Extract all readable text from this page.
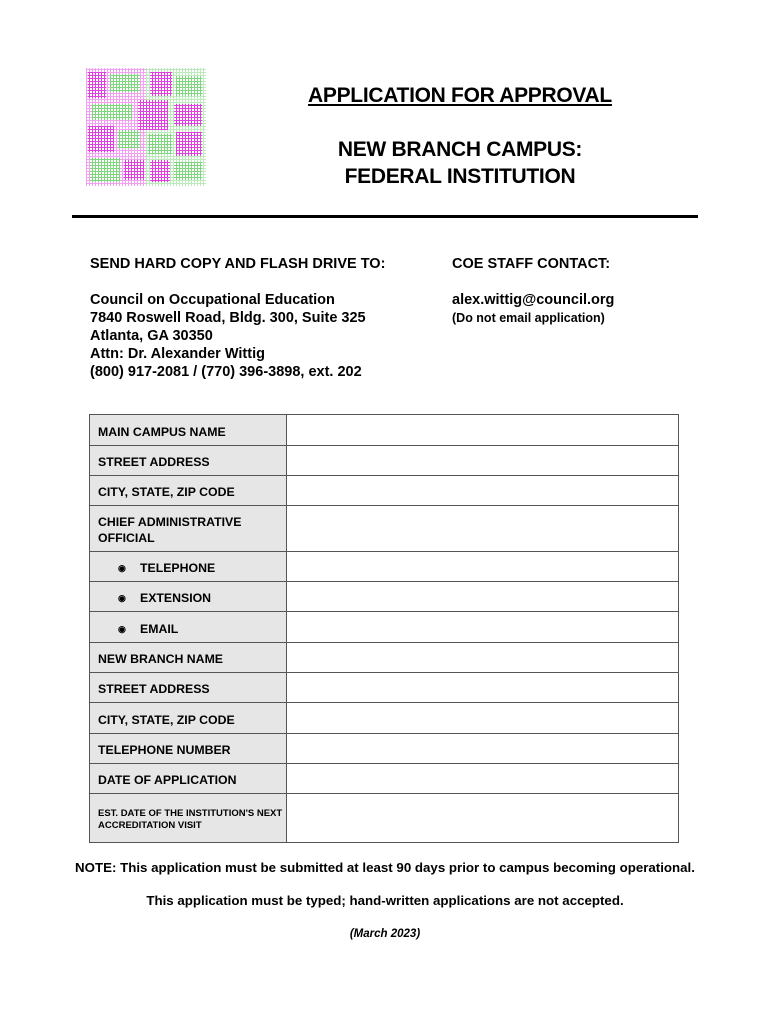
APPLICATION FOR APPROVAL
NEW BRANCH CAMPUS:
FEDERAL INSTITUTION
SEND HARD COPY AND FLASH DRIVE TO:	COE STAFF CONTACT:
Council on Occupational Education
7840 Roswell Road, Bldg. 300, Suite 325
Atlanta, GA 30350
Attn: Dr. Alexander Wittig
(800) 917-2081 / (770) 396-3898, ext. 202
alex.wittig@council.org
(Do not email application)
MAIN CAMPUS NAME	
STREET ADDRESS	
CITY, STATE, ZIP CODE	
CHIEF ADMINISTRATIVE OFFICIAL	
◉ TELEPHONE	
◉ EXTENSION	
◉ EMAIL	
NEW BRANCH NAME	
STREET ADDRESS	
CITY, STATE, ZIP CODE	
TELEPHONE NUMBER	
DATE OF APPLICATION	
EST. DATE OF THE INSTITUTION'S NEXT ACCREDITATION VISIT	
NOTE: This application must be submitted at least 90 days prior to campus becoming operational.
This application must be typed; hand-written applications are not accepted.
(March 2023)
